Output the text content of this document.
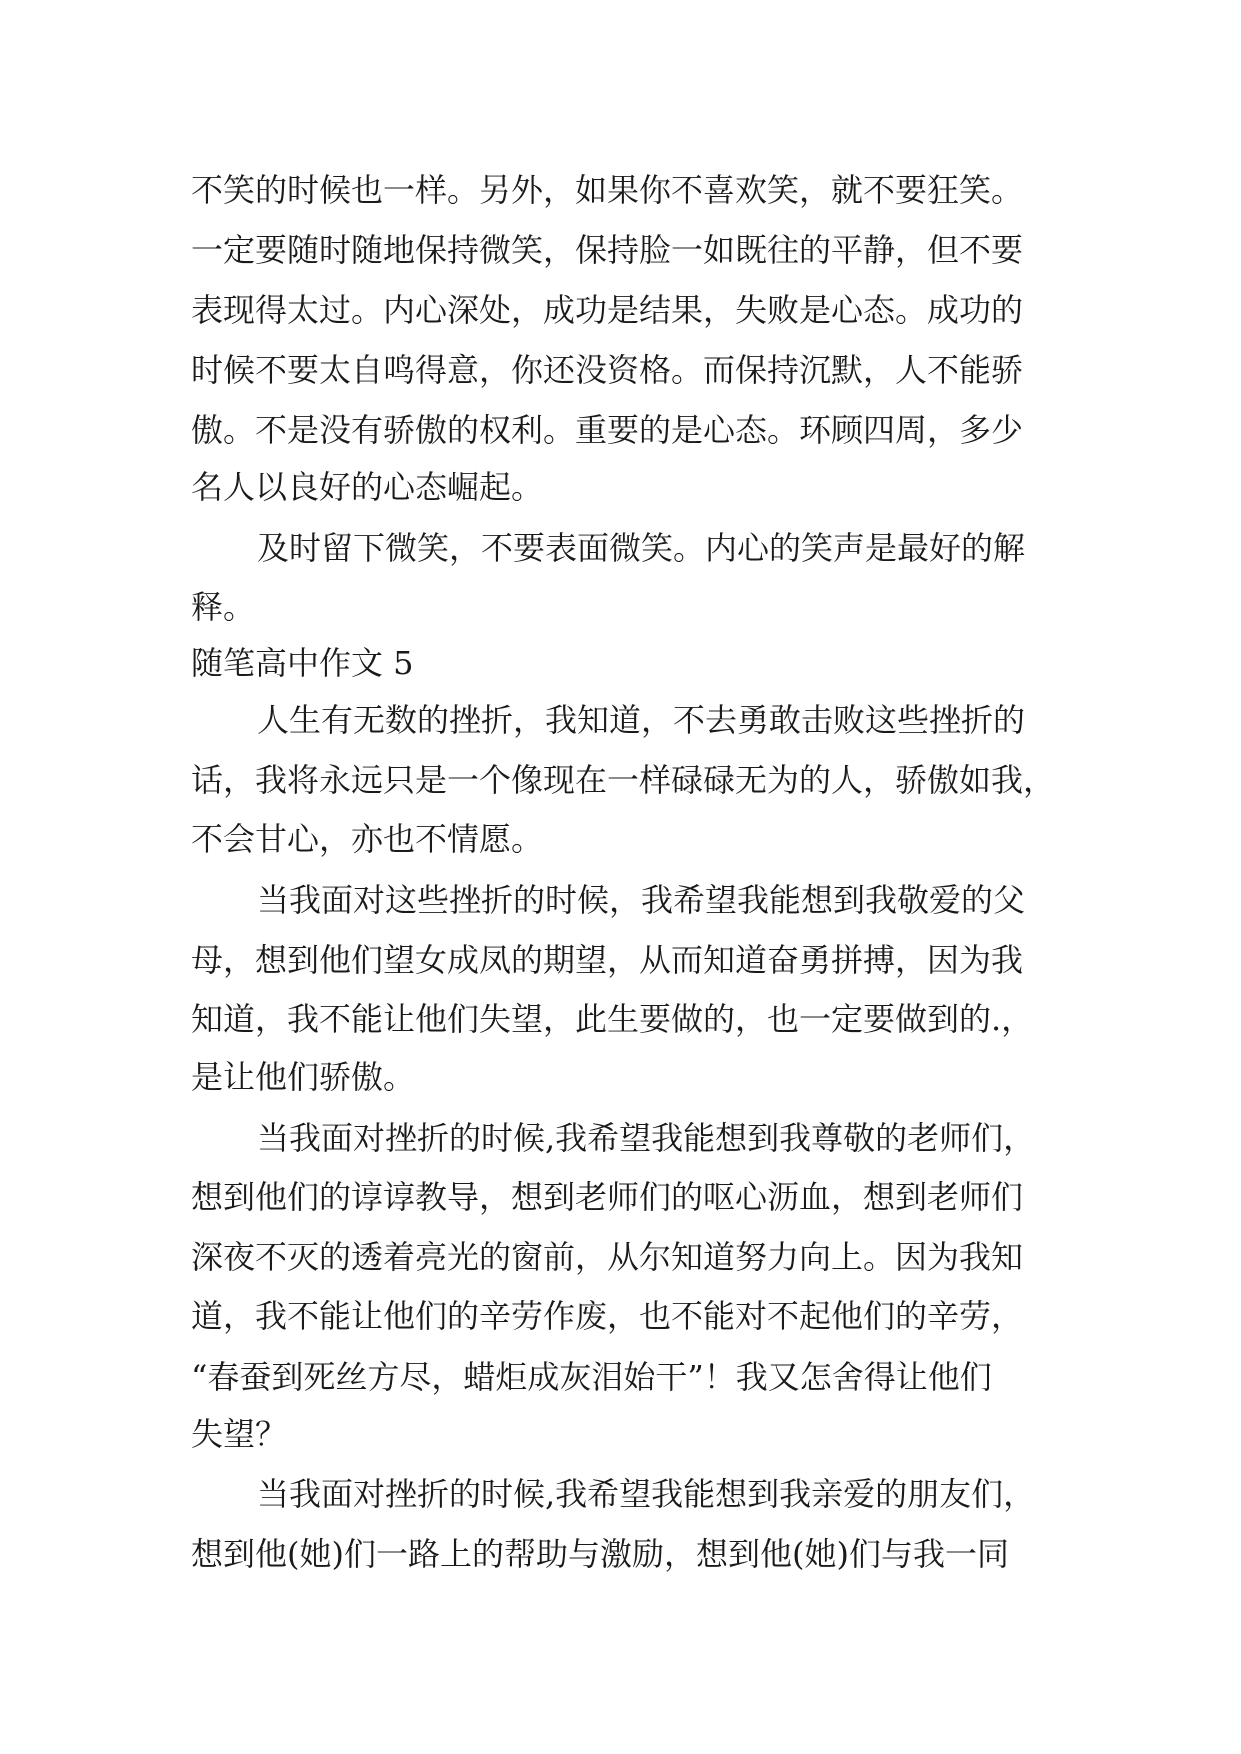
不笑的时候也一样。另外，如果你不喜欢笑，就不要狂笑。

一定要随时随地保持微笑，保持脸一如既往的平静，但不要

表现得太过。内心深处，成功是结果，失败是心态。成功的

时候不要太自鸣得意，你还没资格。而保持沉默，人不能骄

傲。不是没有骄傲的权利。重要的是心态。环顾四周，多少

名人以良好的心态崛起。

及时留下微笑，不要表面微笑。内心的笑声是最好的解

释。

随笔高中作文 5

人生有无数的挫折，我知道，不去勇敢击败这些挫折的

话，我将永远只是一个像现在一样碌碌无为的人，骄傲如我，

不会甘心，亦也不情愿。

当我面对这些挫折的时候，我希望我能想到我敬爱的父

母，想到他们望女成凤的期望，从而知道奋勇拼搏，因为我

知道，我不能让他们失望，此生要做的，也一定要做到的.，

是让他们骄傲。

当我面对挫折的时候,我希望我能想到我尊敬的老师们，

想到他们的谆谆教导，想到老师们的呕心沥血，想到老师们

深夜不灭的透着亮光的窗前，从尔知道努力向上。因为我知

道，我不能让他们的辛劳作废，也不能对不起他们的辛劳，

“春蚕到死丝方尽，蜡炬成灰泪始干”！我又怎舍得让他们

失望？

当我面对挫折的时候,我希望我能想到我亲爱的朋友们，

想到他(她)们一路上的帮助与激励，想到他(她)们与我一同
